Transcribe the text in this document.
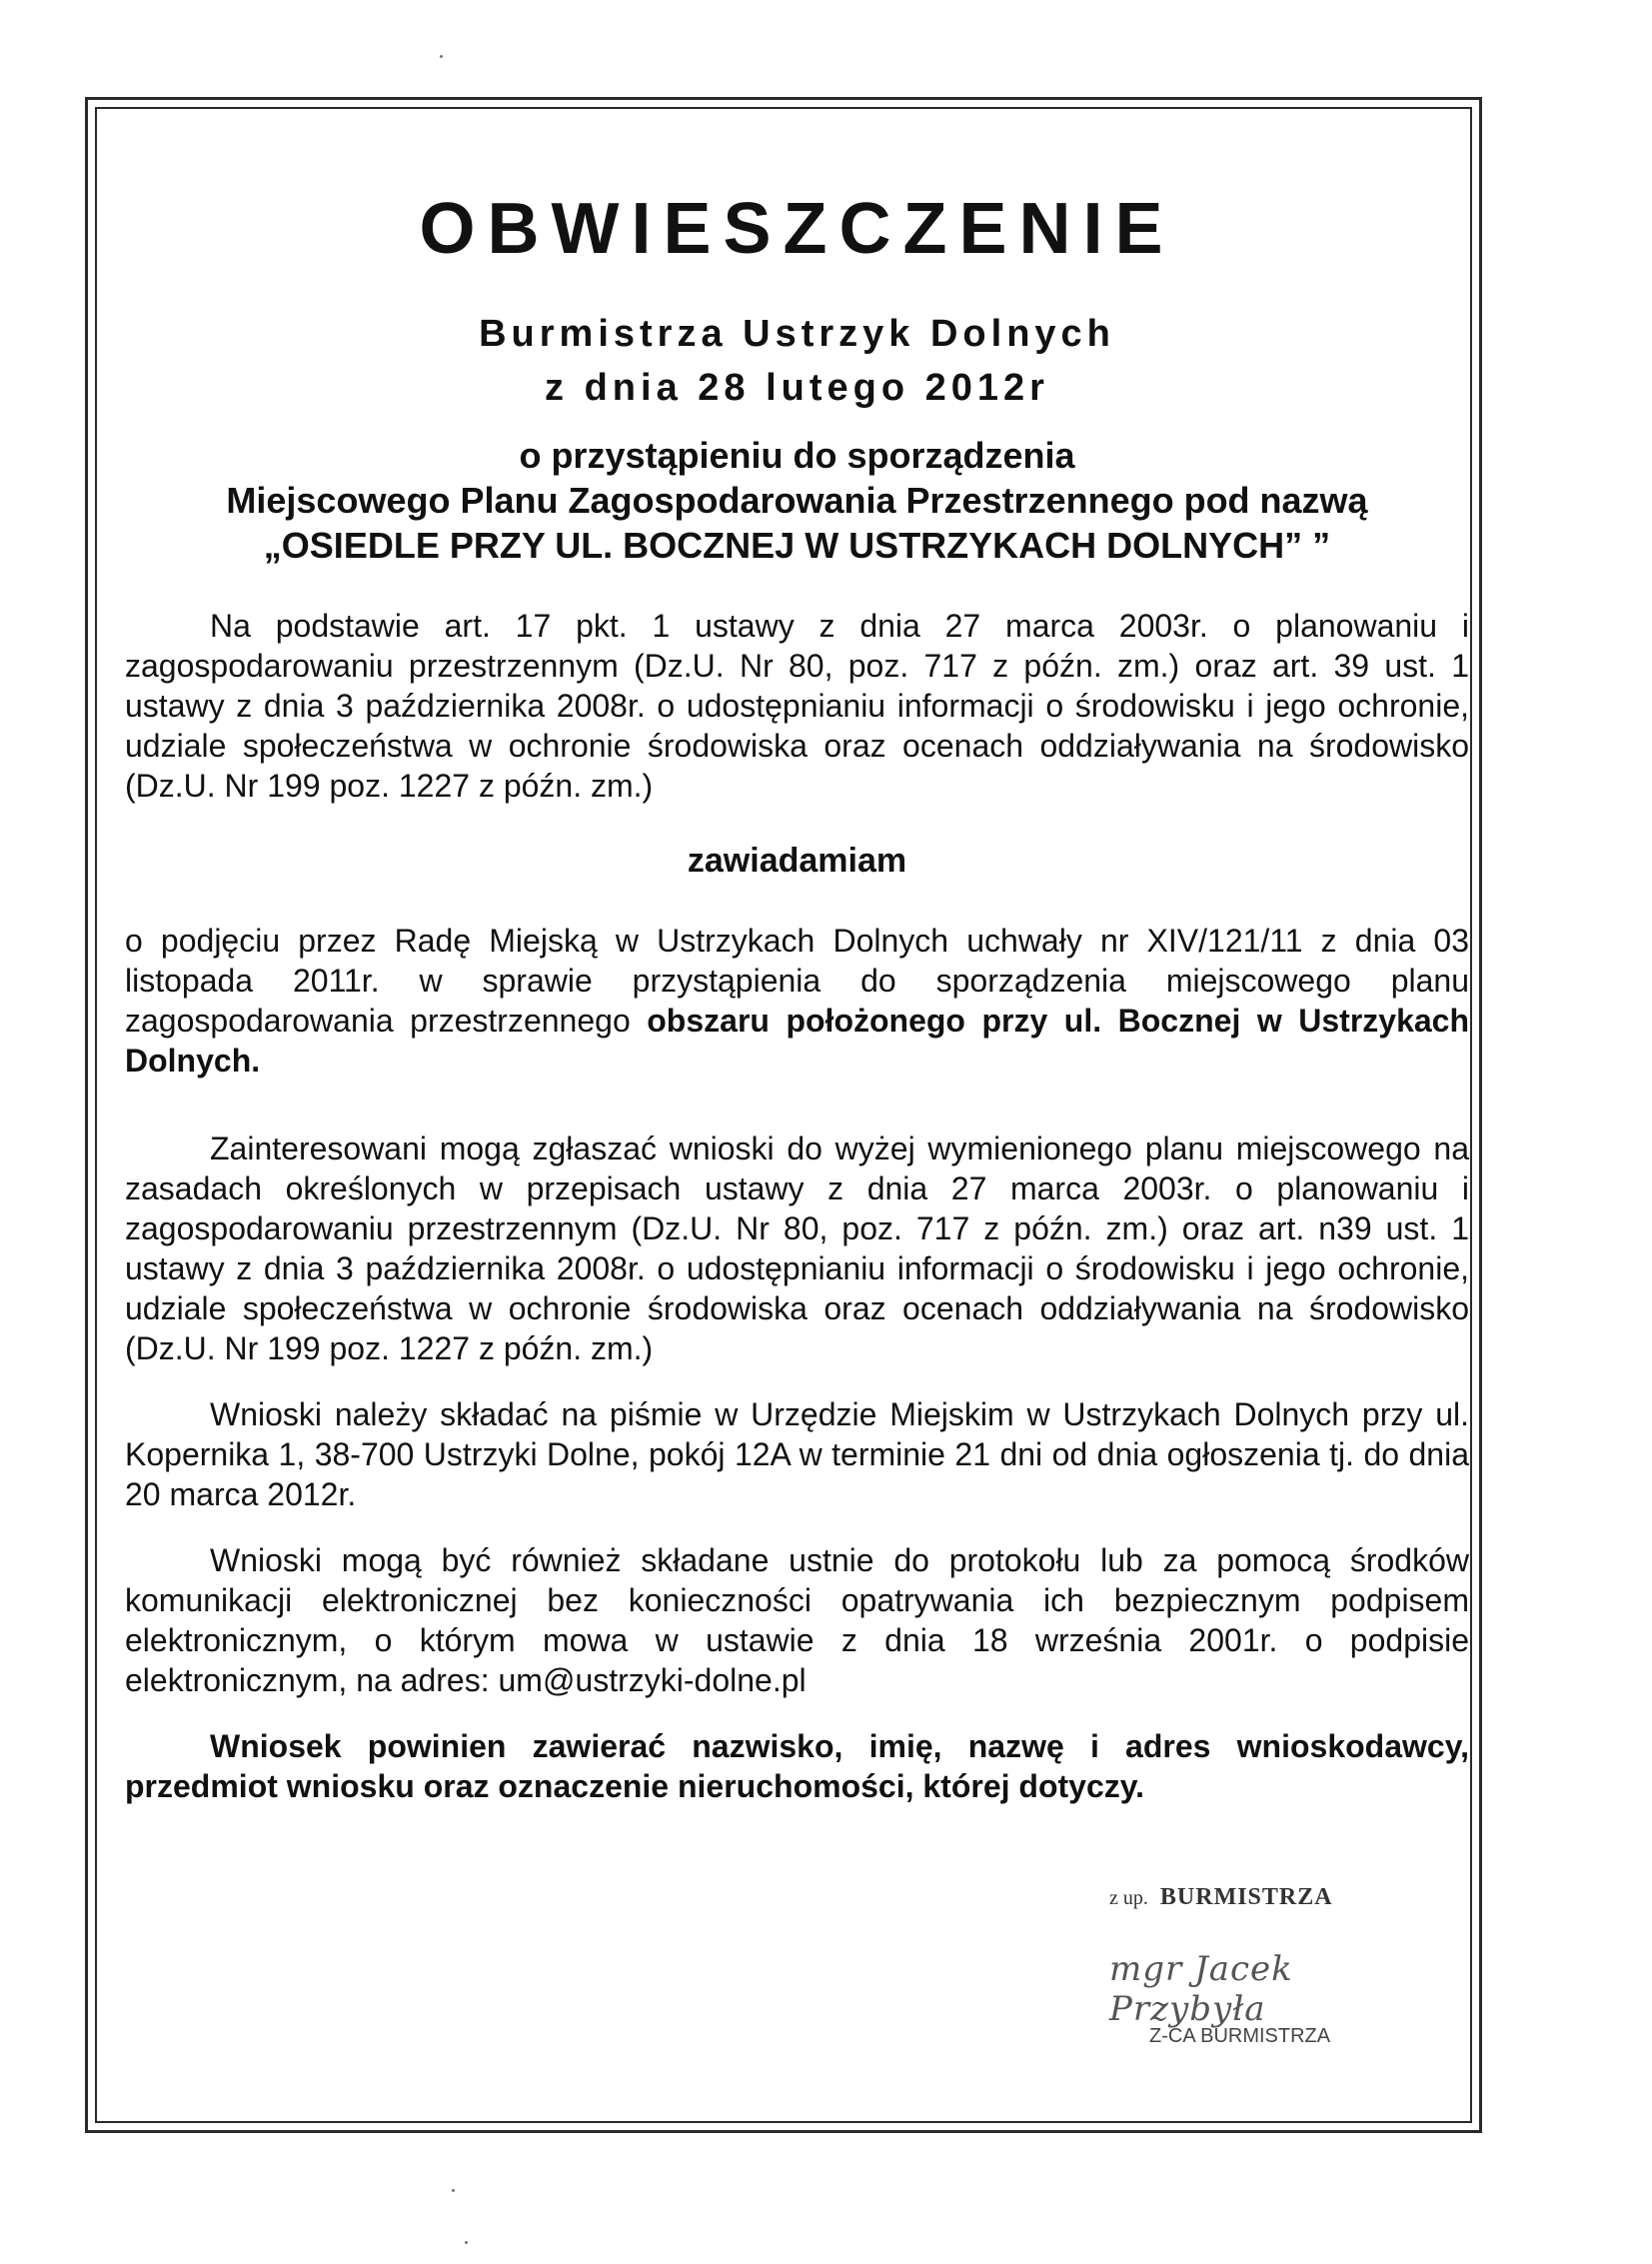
OBWIESZCZENIE
Burmistrza Ustrzyk Dolnych
z dnia 28 lutego 2012r
o przystąpieniu do sporządzenia
Miejscowego Planu Zagospodarowania Przestrzennego pod nazwą
„OSIEDLE PRZY UL. BOCZNEJ W USTRZYKACH DOLNYCH” ”

Na podstawie art. 17 pkt. 1 ustawy z dnia 27 marca 2003r. o planowaniu i zagospodarowaniu przestrzennym (Dz.U. Nr 80, poz. 717 z późn. zm.) oraz art. 39 ust. 1 ustawy z dnia 3 października 2008r. o udostępnianiu informacji o środowisku i jego ochronie, udziale społeczeństwa w ochronie środowiska oraz ocenach oddziaływania na środowisko (Dz.U. Nr 199 poz. 1227 z późn. zm.)

zawiadamiam

o podjęciu przez Radę Miejską w Ustrzykach Dolnych uchwały nr XIV/121/11 z dnia 03 listopada 2011r. w sprawie przystąpienia do sporządzenia miejscowego planu zagospodarowania przestrzennego obszaru położonego przy ul. Bocznej w Ustrzykach Dolnych.

Zainteresowani mogą zgłaszać wnioski do wyżej wymienionego planu miejscowego na zasadach określonych w przepisach ustawy z dnia 27 marca 2003r. o planowaniu i zagospodarowaniu przestrzennym (Dz.U. Nr 80, poz. 717 z późn. zm.) oraz art. n39 ust. 1 ustawy z dnia 3 października 2008r. o udostępnianiu informacji o środowisku i jego ochronie, udziale społeczeństwa w ochronie środowiska oraz ocenach oddziaływania na środowisko (Dz.U. Nr 199 poz. 1227 z późn. zm.)

Wnioski należy składać na piśmie w Urzędzie Miejskim w Ustrzykach Dolnych przy ul. Kopernika 1, 38-700 Ustrzyki Dolne, pokój 12A w terminie 21 dni od dnia ogłoszenia tj. do dnia 20 marca 2012r.

Wnioski mogą być również składane ustnie do protokołu lub za pomocą środków komunikacji elektronicznej bez konieczności opatrywania ich bezpiecznym podpisem elektronicznym, o którym mowa w ustawie z dnia 18 września 2001r. o podpisie elektronicznym, na adres: um@ustrzyki-dolne.pl

Wniosek powinien zawierać nazwisko, imię, nazwę i adres wnioskodawcy, przedmiot wniosku oraz oznaczenie nieruchomości, której dotyczy.

z up. BURMISTRZA
mgr Jacek Przybyła
Z-CA BURMISTRZA
